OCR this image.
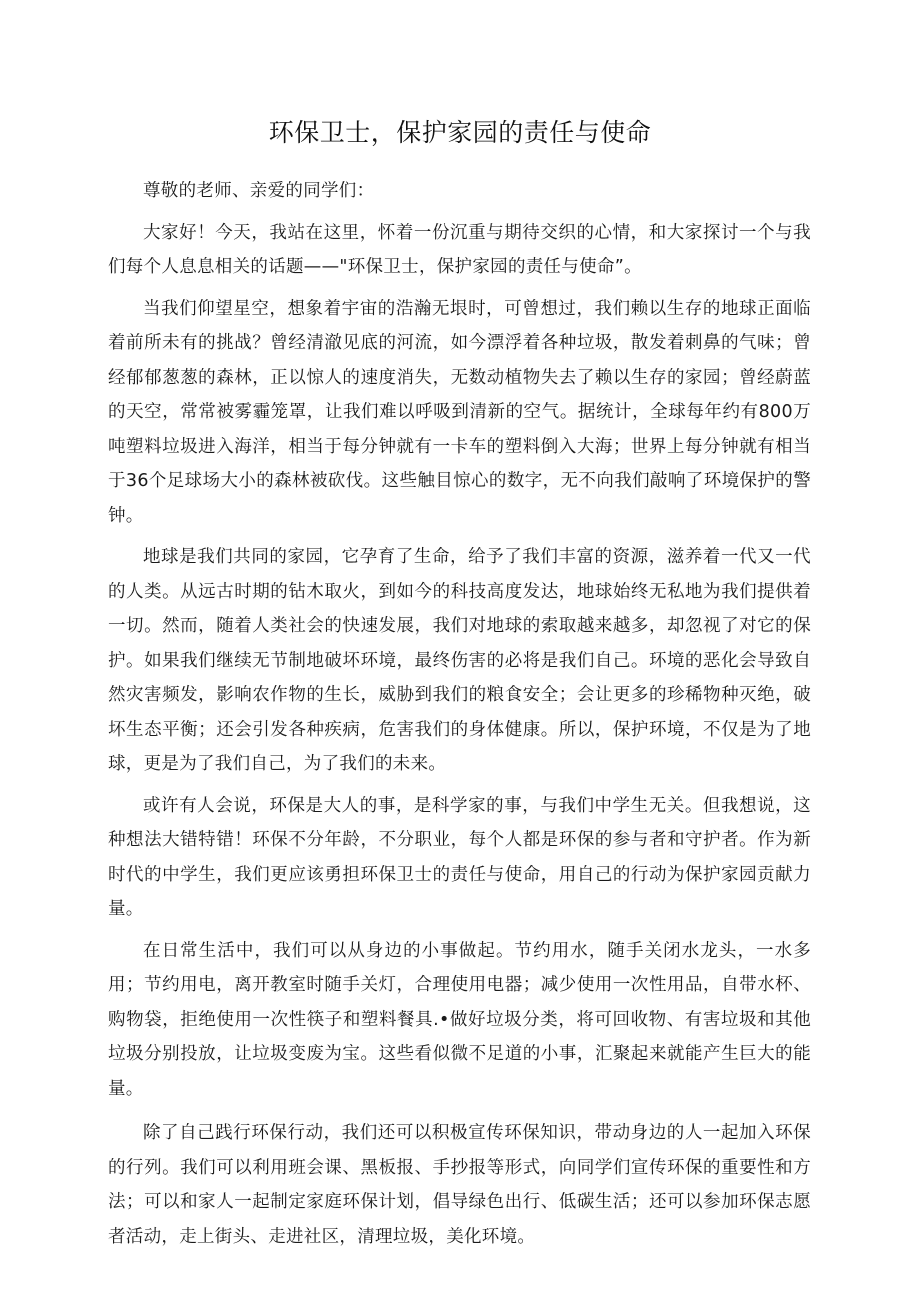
环保卫士，保护家园的责任与使命

尊敬的老师、亲爱的同学们：

大家好！今天，我站在这里，怀着一份沉重与期待交织的心情，和大家探讨一个与我们每个人息息相关的话题——"环保卫士，保护家园的责任与使命”。

当我们仰望星空，想象着宇宙的浩瀚无垠时，可曾想过，我们赖以生存的地球正面临着前所未有的挑战？曾经清澈见底的河流，如今漂浮着各种垃圾，散发着刺鼻的气味；曾经郁郁葱葱的森林，正以惊人的速度消失，无数动植物失去了赖以生存的家园；曾经蔚蓝的天空，常常被雾霾笼罩，让我们难以呼吸到清新的空气。据统计，全球每年约有800万吨塑料垃圾进入海洋，相当于每分钟就有一卡车的塑料倒入大海；世界上每分钟就有相当于36个足球场大小的森林被砍伐。这些触目惊心的数字，无不向我们敲响了环境保护的警钟。

地球是我们共同的家园，它孕育了生命，给予了我们丰富的资源，滋养着一代又一代的人类。从远古时期的钻木取火，到如今的科技高度发达，地球始终无私地为我们提供着一切。然而，随着人类社会的快速发展，我们对地球的索取越来越多，却忽视了对它的保护。如果我们继续无节制地破坏环境，最终伤害的必将是我们自己。环境的恶化会导致自然灾害频发，影响农作物的生长，威胁到我们的粮食安全；会让更多的珍稀物种灭绝，破坏生态平衡；还会引发各种疾病，危害我们的身体健康。所以，保护环境，不仅是为了地球，更是为了我们自己，为了我们的未来。

或许有人会说，环保是大人的事，是科学家的事，与我们中学生无关。但我想说，这种想法大错特错！环保不分年龄，不分职业，每个人都是环保的参与者和守护者。作为新时代的中学生，我们更应该勇担环保卫士的责任与使命，用自己的行动为保护家园贡献力量。

在日常生活中，我们可以从身边的小事做起。节约用水，随手关闭水龙头，一水多用；节约用电，离开教室时随手关灯，合理使用电器；减少使用一次性用品，自带水杯、购物袋，拒绝使用一次性筷子和塑料餐具.•做好垃圾分类，将可回收物、有害垃圾和其他垃圾分别投放，让垃圾变废为宝。这些看似微不足道的小事，汇聚起来就能产生巨大的能量。

除了自己践行环保行动，我们还可以积极宣传环保知识，带动身边的人一起加入环保的行列。我们可以利用班会课、黑板报、手抄报等形式，向同学们宣传环保的重要性和方法；可以和家人一起制定家庭环保计划，倡导绿色出行、低碳生活；还可以参加环保志愿者活动，走上街头、走进社区，清理垃圾，美化环境。
